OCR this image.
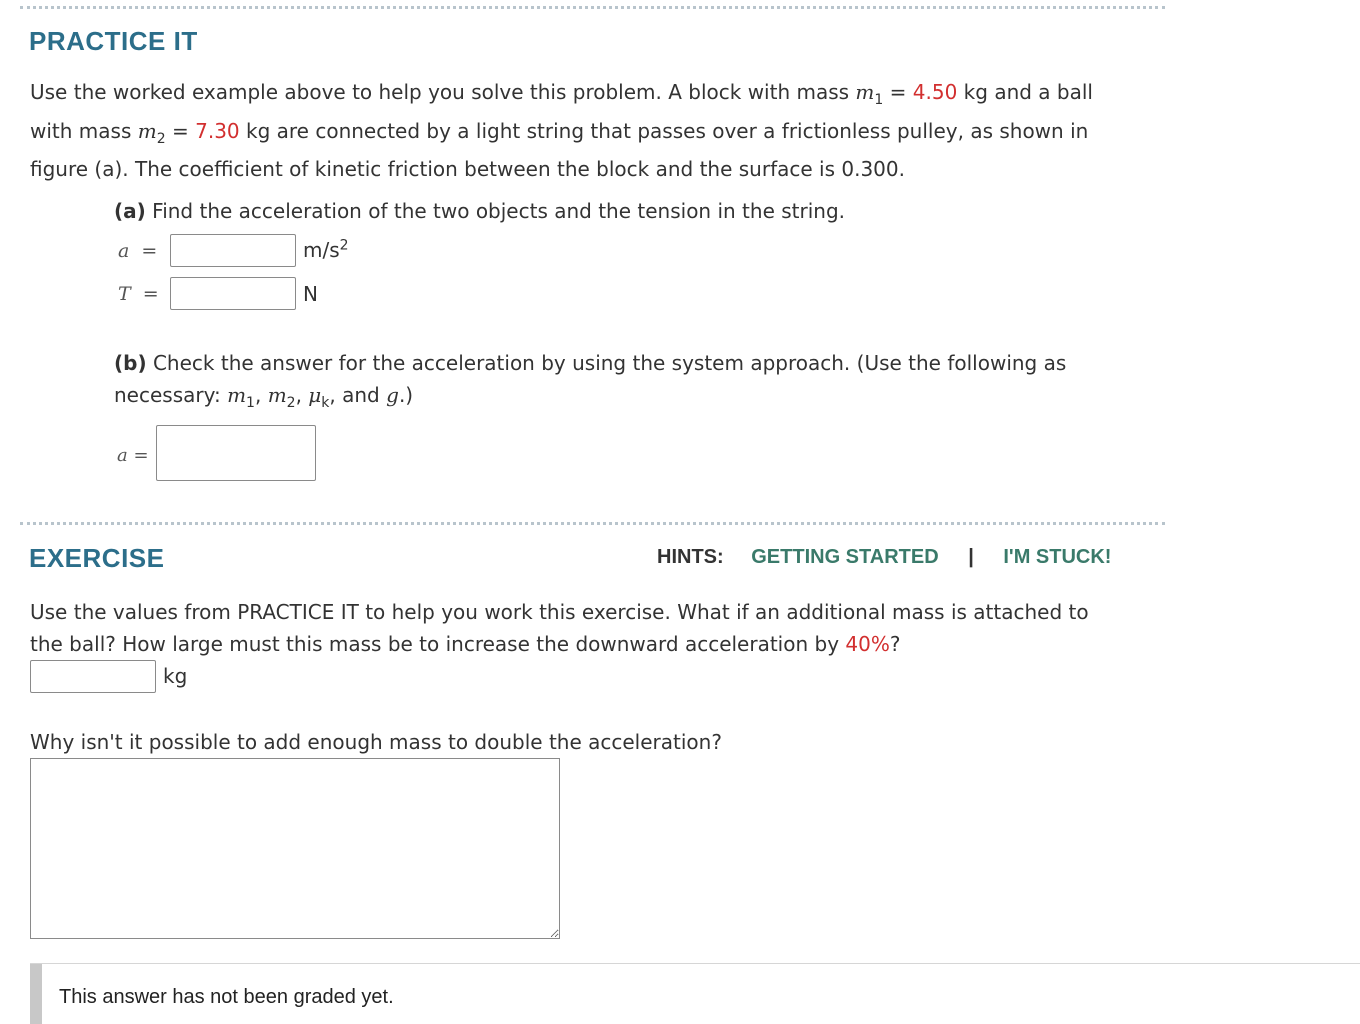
PRACTICE IT
Use the worked example above to help you solve this problem. A block with mass $m_1 = 4.50$ kg and a ball
with mass $m_2 = 7.30$ kg are connected by a light string that passes over a frictionless pulley, as shown in
figure (a). The coefficient of kinetic friction between the block and the surface is 0.300.
(a) Find the acceleration of the two objects and the tension in the string.
a =	$m/s^2$
T =	N
(b) Check the answer for the acceleration by using the system approach. (Use the following as
necessary: $m_1$, $m_2$, $\mu_k$, and g.)
a =
EXERCISE	HINTS: GETTING STARTED | I'M STUCK!
Use the values from PRACTICE IT to help you work this exercise. What if an additional mass is attached to
the ball? How large must this mass be to increase the downward acceleration by 40%?
kg
Why isn't it possible to add enough mass to double the acceleration?
This answer has not been graded yet.
